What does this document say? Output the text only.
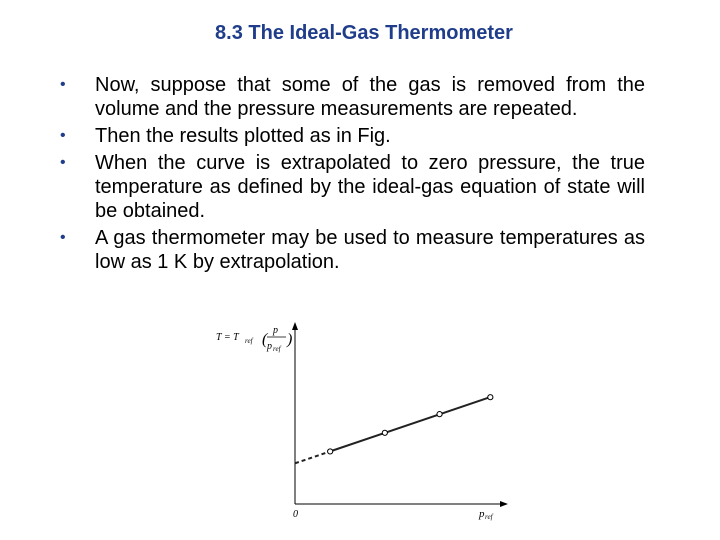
8.3 The Ideal-Gas Thermometer
•	Now, suppose that some of the gas is removed from the volume and the pressure measurements are repeated.
•	Then the results plotted as in Fig.
•	When the curve is extrapolated to zero pressure, the true temperature as defined by the ideal-gas equation of state will be obtained.
•	A gas thermometer may be used to measure temperatures as low as 1 K by extrapolation.
T = T ref
p
p ref
( )
0	p ref
